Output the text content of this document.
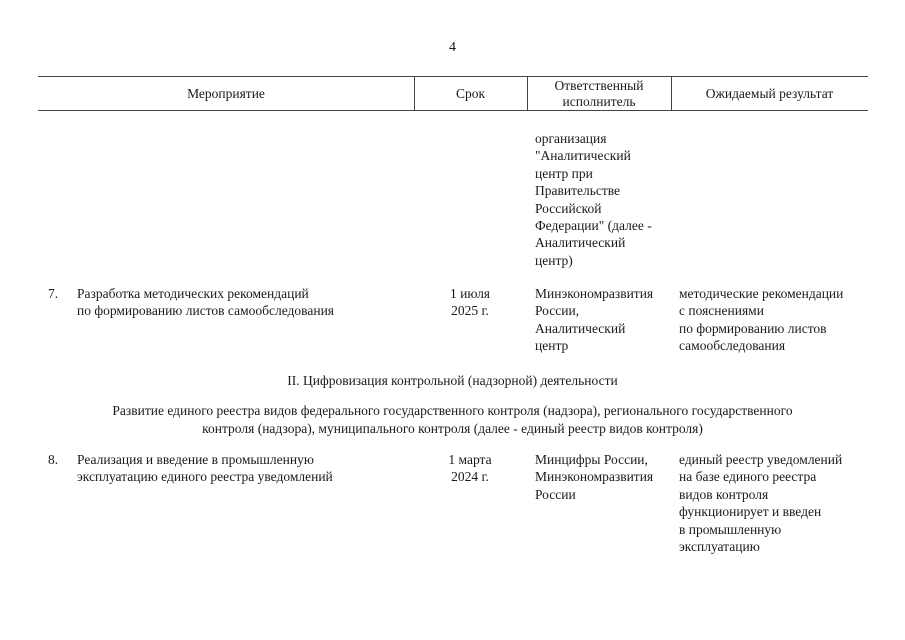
4
Мероприятие	Срок
Ответственный
исполнитель
Ожидаемый результат
организация
"Аналитический
центр при
Правительстве
Российской
Федерации" (далее -
Аналитический
центр)
7. Разработка методических рекомендаций
по формированию листов самообследования
1 июля
2025 г.
Минэкономразвития
России,
Аналитический
центр
методические рекомендации
с пояснениями
по формированию листов
самообследования
II. Цифровизация контрольной (надзорной) деятельности
Развитие единого реестра видов федерального государственного контроля (надзора), регионального государственного
контроля (надзора), муниципального контроля (далее - единый реестр видов контроля)
8. Реализация и введение в промышленную
эксплуатацию единого реестра уведомлений
1 марта
2024 г.
Минцифры России,
Минэкономразвития
России
единый реестр уведомлений
на базе единого реестра
видов контроля
функционирует и введен
в промышленную
эксплуатацию
